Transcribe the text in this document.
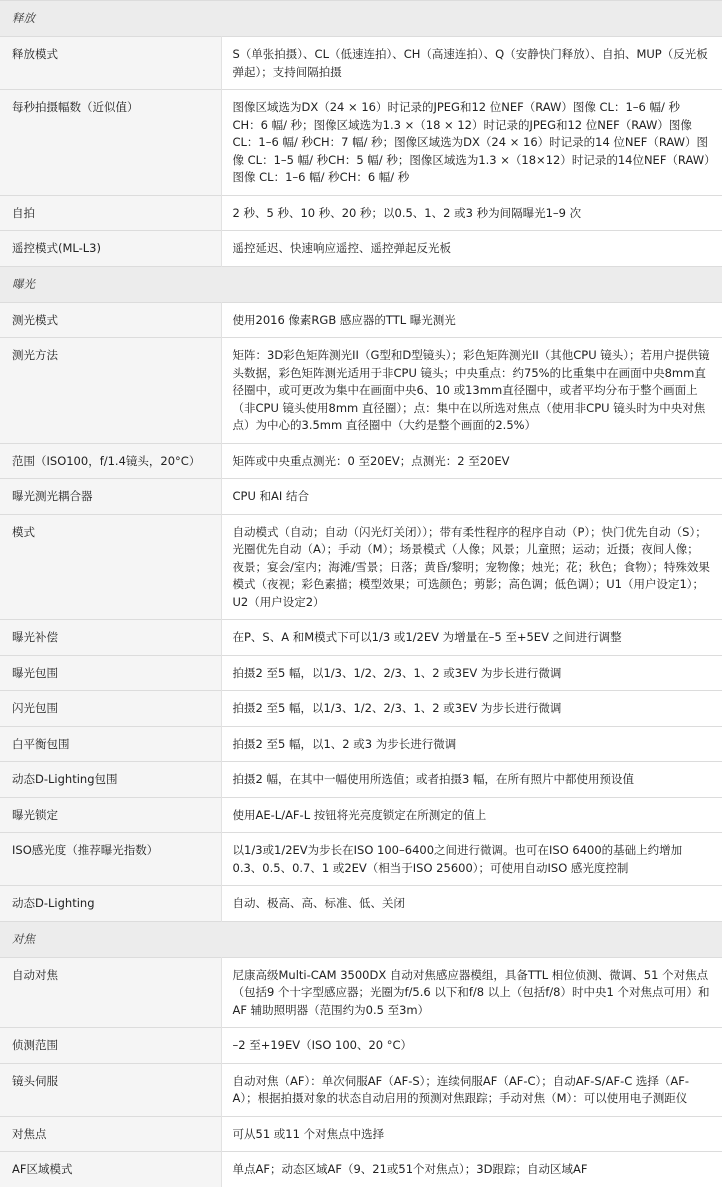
释放	
释放模式	S（单张拍摄）、CL（低速连拍）、CH（高速连拍）、Q（安静快门释放）、自拍、MUP（反光板弹起）；支持间隔拍摄
每秒拍摄幅数（近似值）	图像区域选为DX（24 × 16）时记录的JPEG和12 位NEF（RAW）图像 CL：1–6 幅/ 秒 CH：6 幅/ 秒；图像区域选为1.3 ×（18 × 12）时记录的JPEG和12 位NEF（RAW）图像 CL：1–6 幅/ 秒CH：7 幅/ 秒；图像区域选为DX（24 × 16）时记录的14 位NEF（RAW）图像 CL：1–5 幅/ 秒CH：5 幅/ 秒；图像区域选为1.3 ×（18×12）时记录的14位NEF（RAW）图像 CL：1–6 幅/ 秒CH：6 幅/ 秒
自拍	2 秒、5 秒、10 秒、20 秒；以0.5、1、2 或3 秒为间隔曝光1–9 次
遥控模式(ML-L3)	遥控延迟、快速响应遥控、遥控弹起反光板
曝光	
测光模式	使用2016 像素RGB 感应器的TTL 曝光测光
测光方法	矩阵：3D彩色矩阵测光II（G型和D型镜头）；彩色矩阵测光II（其他CPU 镜头）；若用户提供镜头数据，彩色矩阵测光适用于非CPU 镜头；中央重点：约75%的比重集中在画面中央8mm直径圈中，或可更改为集中在画面中央6、10 或13mm直径圈中，或者平均分布于整个画面上（非CPU 镜头使用8mm 直径圈）；点：集中在以所选对焦点（使用非CPU 镜头时为中央对焦点）为中心的3.5mm 直径圈中（大约是整个画面的2.5%）
范围（ISO100，f/1.4镜头，20°C）	矩阵或中央重点测光：0 至20EV；点测光：2 至20EV
曝光测光耦合器	CPU 和AI 结合
模式	自动模式（自动；自动（闪光灯关闭））；带有柔性程序的程序自动（P）；快门优先自动（S）；光圈优先自动（A）；手动（M）；场景模式（人像；风景；儿童照；运动；近摄；夜间人像；夜景；宴会/室内；海滩/雪景；日落；黄昏/黎明；宠物像；烛光；花；秋色；食物）；特殊效果模式（夜视；彩色素描；模型效果；可选颜色；剪影；高色调；低色调）；U1（用户设定1）；U2（用户设定2）
曝光补偿	在P、S、A 和M模式下可以1/3 或1/2EV 为增量在–5 至+5EV 之间进行调整
曝光包围	拍摄2 至5 幅，以1/3、1/2、2/3、1、2 或3EV 为步长进行微调
闪光包围	拍摄2 至5 幅，以1/3、1/2、2/3、1、2 或3EV 为步长进行微调
白平衡包围	拍摄2 至5 幅，以1、2 或3 为步长进行微调
动态D-Lighting包围	拍摄2 幅，在其中一幅使用所选值；或者拍摄3 幅，在所有照片中都使用预设值
曝光锁定	使用AE-L/AF-L 按钮将光亮度锁定在所测定的值上
ISO感光度（推荐曝光指数）	以1/3或1/2EV为步长在ISO 100–6400之间进行微调。也可在ISO 6400的基础上约增加0.3、0.5、0.7、1 或2EV（相当于ISO 25600）；可使用自动ISO 感光度控制
动态D-Lighting	自动、极高、高、标准、低、关闭
对焦	
自动对焦	尼康高级Multi-CAM 3500DX 自动对焦感应器模组，具备TTL 相位侦测、微调、51 个对焦点（包括9 个十字型感应器；光圈为f/5.6 以下和f/8 以上（包括f/8）时中央1 个对焦点可用）和AF 辅助照明器（范围约为0.5 至3m）
侦测范围	–2 至+19EV（ISO 100、20 °C）
镜头伺服	自动对焦（AF）：单次伺服AF（AF-S）；连续伺服AF（AF-C）；自动AF-S/AF-C 选择（AF-A）；根据拍摄对象的状态自动启用的预测对焦跟踪；手动对焦（M）：可以使用电子测距仪
对焦点	可从51 或11 个对焦点中选择
AF区域模式	单点AF；动态区域AF（9、21或51个对焦点）；3D跟踪；自动区域AF
